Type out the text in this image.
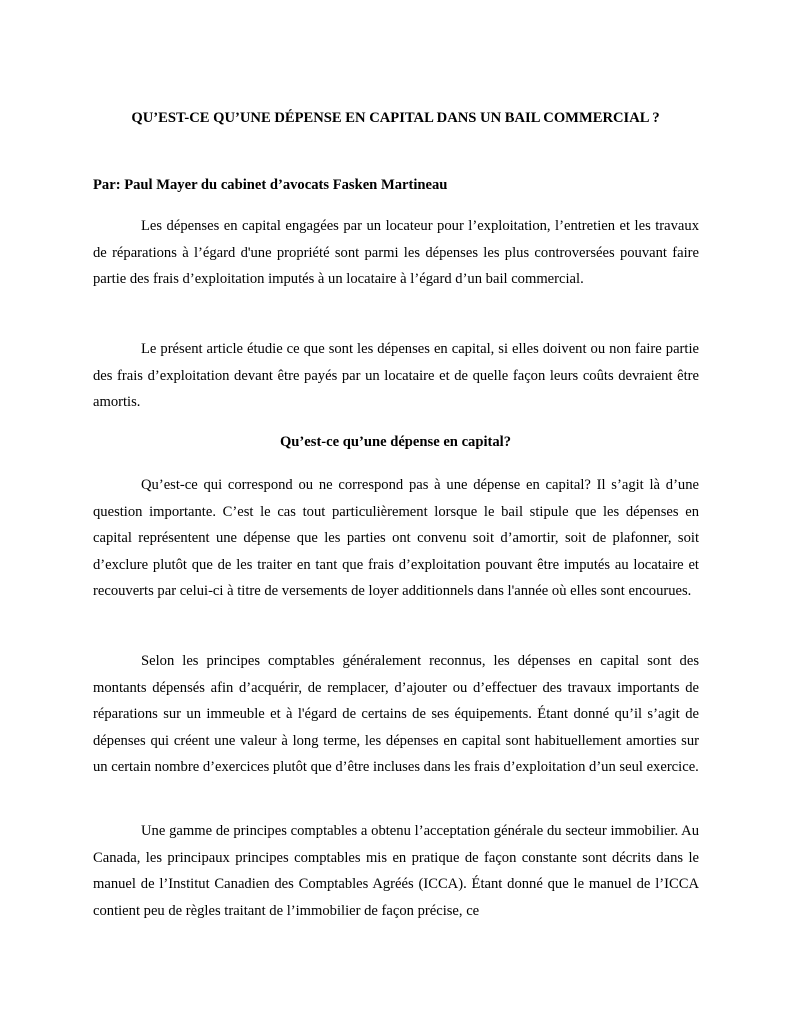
QU’EST-CE QU’UNE DÉPENSE EN CAPITAL DANS UN BAIL COMMERCIAL ?
Par: Paul Mayer du cabinet d’avocats Fasken Martineau

Les dépenses en capital engagées par un locateur pour l’exploitation, l’entretien et les travaux de réparations à l’égard d'une propriété sont parmi les dépenses les plus controversées pouvant faire partie des frais d’exploitation imputés à un locataire à l’égard d’un bail commercial.

Le présent article étudie ce que sont les dépenses en capital, si elles doivent ou non faire partie des frais d’exploitation devant être payés par un locataire et de quelle façon leurs coûts devraient être amortis.

Qu’est-ce qu’une dépense en capital?

Qu’est-ce qui correspond ou ne correspond pas à une dépense en capital? Il s’agit là d’une question importante. C’est le cas tout particulièrement lorsque le bail stipule que les dépenses en capital représentent une dépense que les parties ont convenu soit d’amortir, soit de plafonner, soit d’exclure plutôt que de les traiter en tant que frais d’exploitation pouvant être imputés au locataire et recouverts par celui-ci à titre de versements de loyer additionnels dans l'année où elles sont encourues.

Selon les principes comptables généralement reconnus, les dépenses en capital sont des montants dépensés afin d’acquérir, de remplacer, d’ajouter ou d’effectuer des travaux importants de réparations sur un immeuble et à l'égard de certains de ses équipements. Étant donné qu’il s’agit de dépenses qui créent une valeur à long terme, les dépenses en capital sont habituellement amorties sur un certain nombre d’exercices plutôt que d’être incluses dans les frais d’exploitation d’un seul exercice.

Une gamme de principes comptables a obtenu l’acceptation générale du secteur immobilier. Au Canada, les principaux principes comptables mis en pratique de façon constante sont décrits dans le manuel de l’Institut Canadien des Comptables Agréés (ICCA). Étant donné que le manuel de l’ICCA contient peu de règles traitant de l’immobilier de façon précise, ce
